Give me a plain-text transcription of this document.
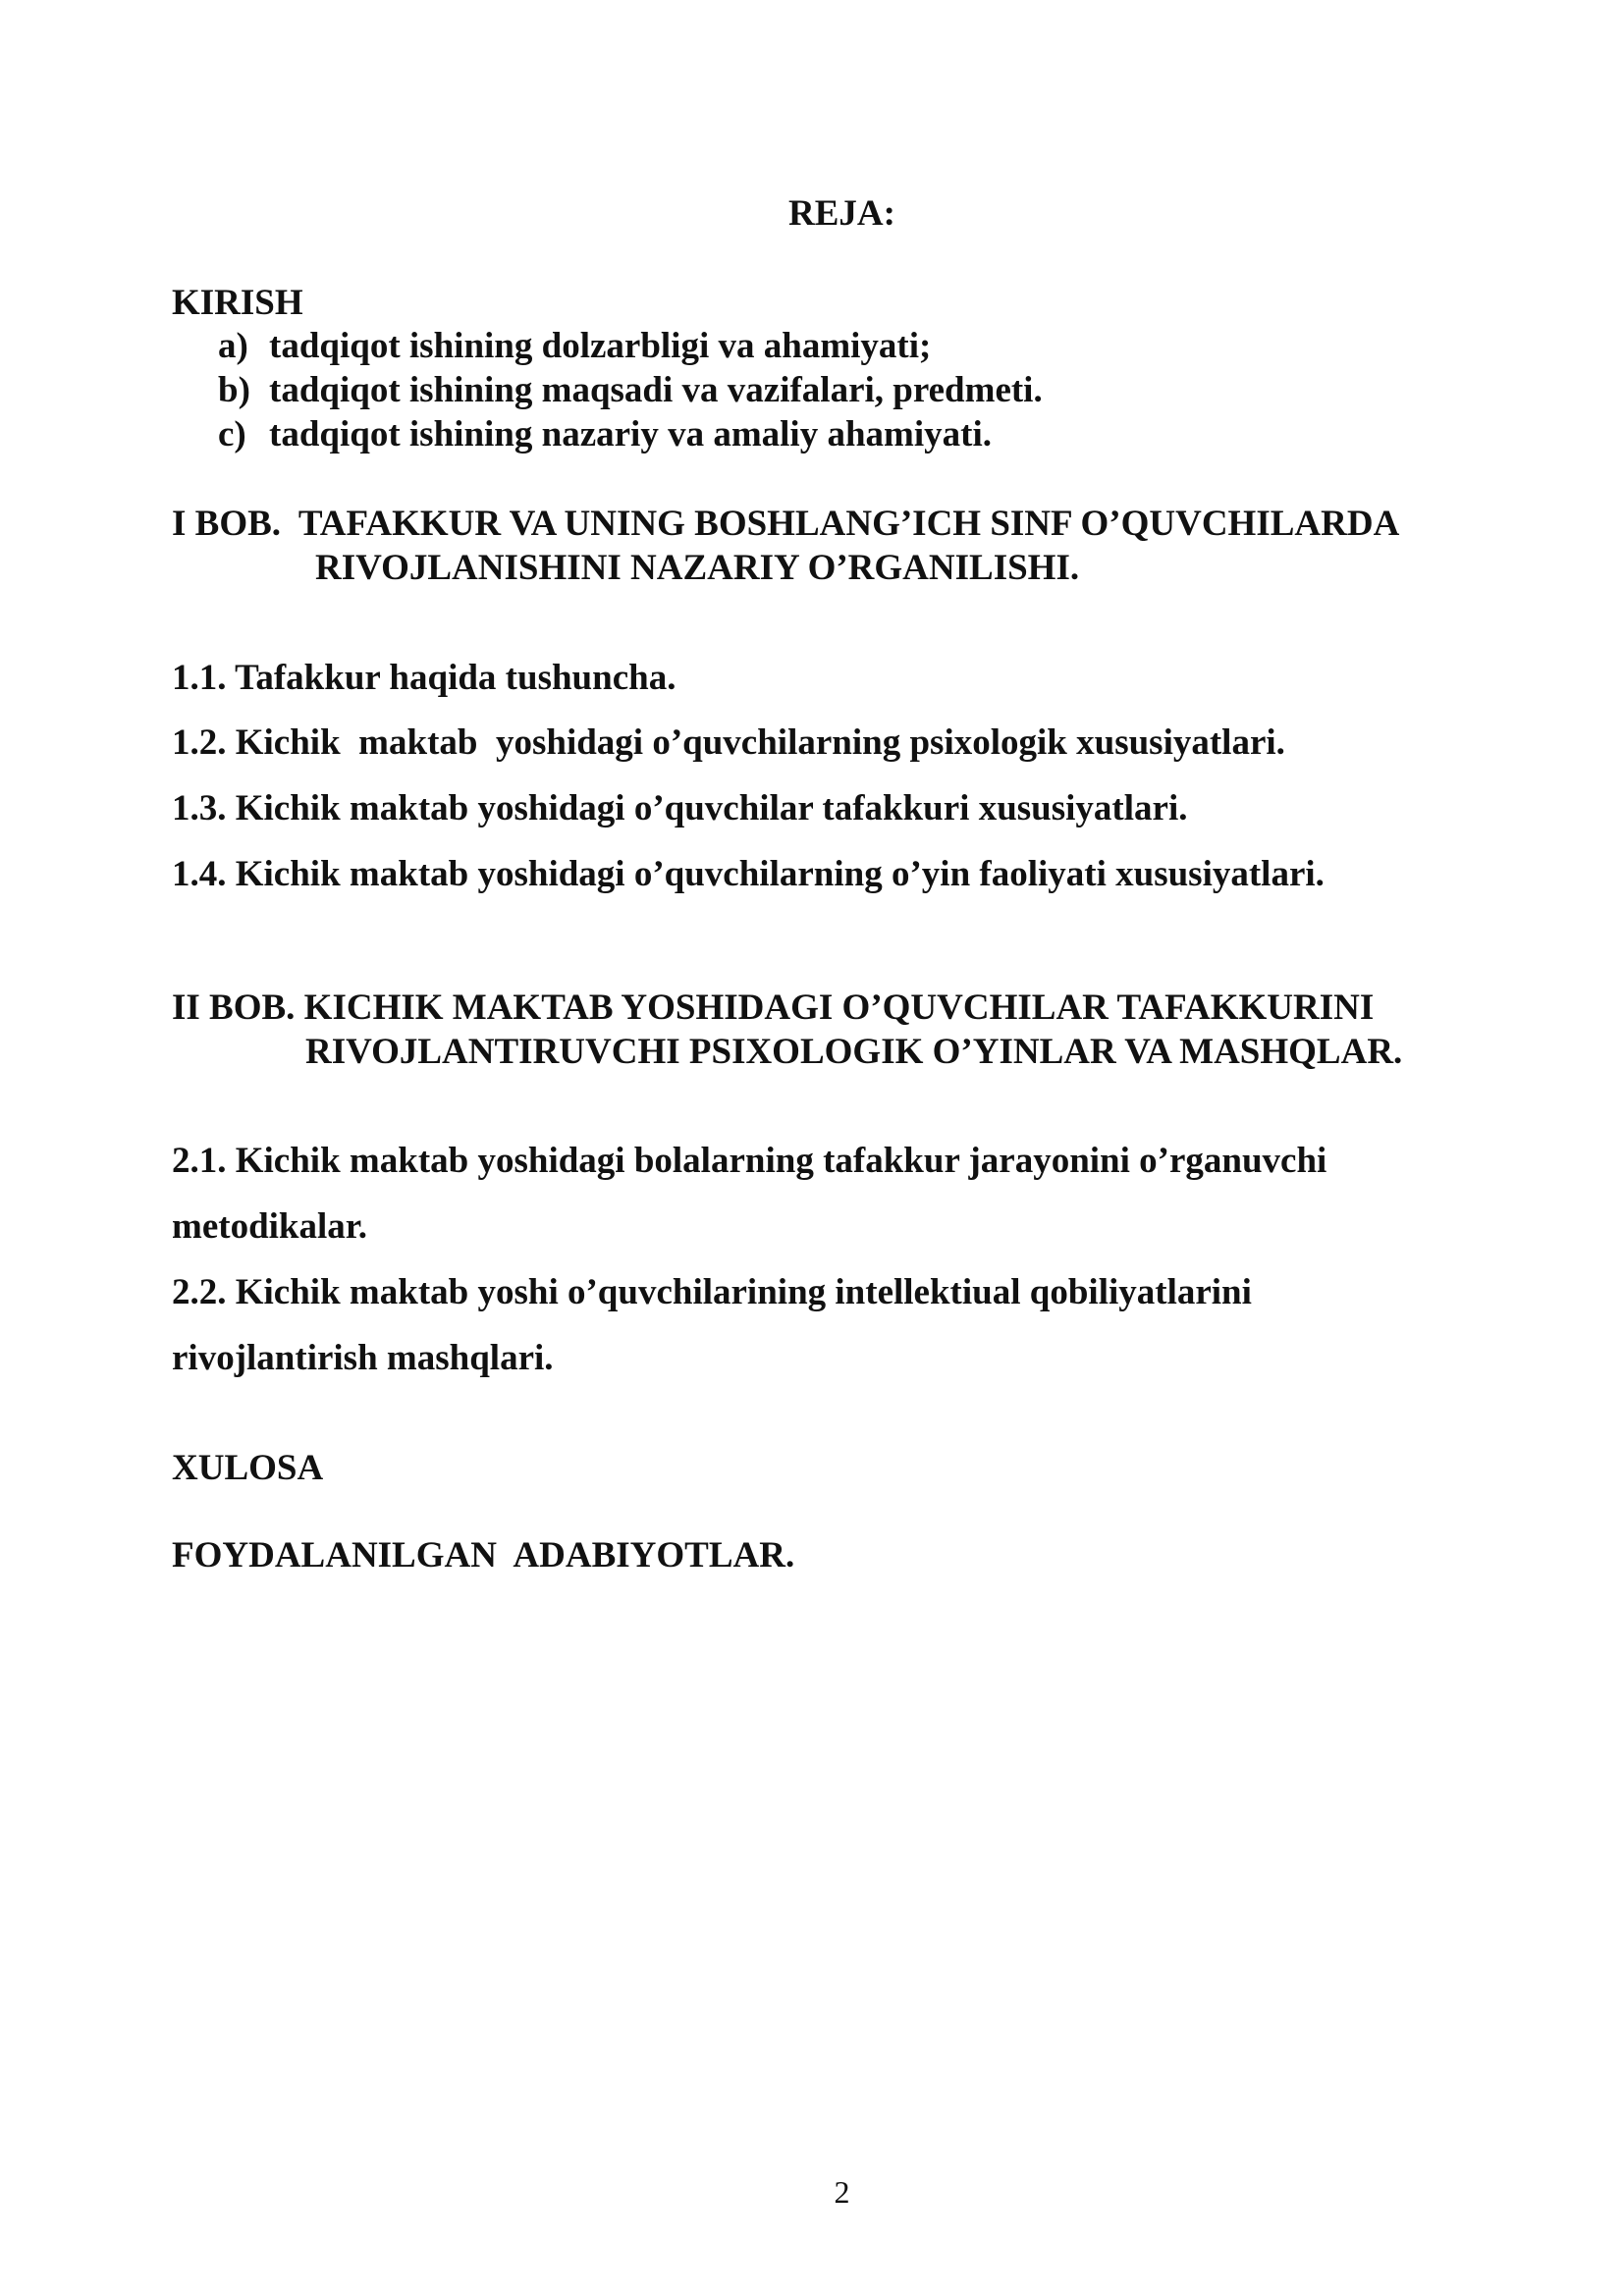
REJA:
KIRISH
a) tadqiqot ishining dolzarbligi va ahamiyati;
b) tadqiqot ishining maqsadi va vazifalari, predmeti.
c) tadqiqot ishining nazariy va amaliy ahamiyati.
I BOB.  TAFAKKUR VA UNING BOSHLANG’ICH SINF O’QUVCHILARDA
RIVOJLANISHINI NAZARIY O’RGANILISHI.
1.1. Tafakkur haqida tushuncha.
1.2. Kichik  maktab  yoshidagi o’quvchilarning psixologik xususiyatlari.
1.3. Kichik maktab yoshidagi o’quvchilar tafakkuri xususiyatlari.
1.4. Kichik maktab yoshidagi o’quvchilarning o’yin faoliyati xususiyatlari.
II BOB. KICHIK MAKTAB YOSHIDAGI O’QUVCHILAR TAFAKKURINI
RIVOJLANTIRUVCHI PSIXOLOGIK O’YINLAR VA MASHQLAR.
2.1. Kichik maktab yoshidagi bolalarning tafakkur jarayonini o’rganuvchi
metodikalar.
2.2. Kichik maktab yoshi o’quvchilarining intellektiual qobiliyatlarini
rivojlantirish mashqlari.
XULOSA
FOYDALANILGAN  ADABIYOTLAR.
2
